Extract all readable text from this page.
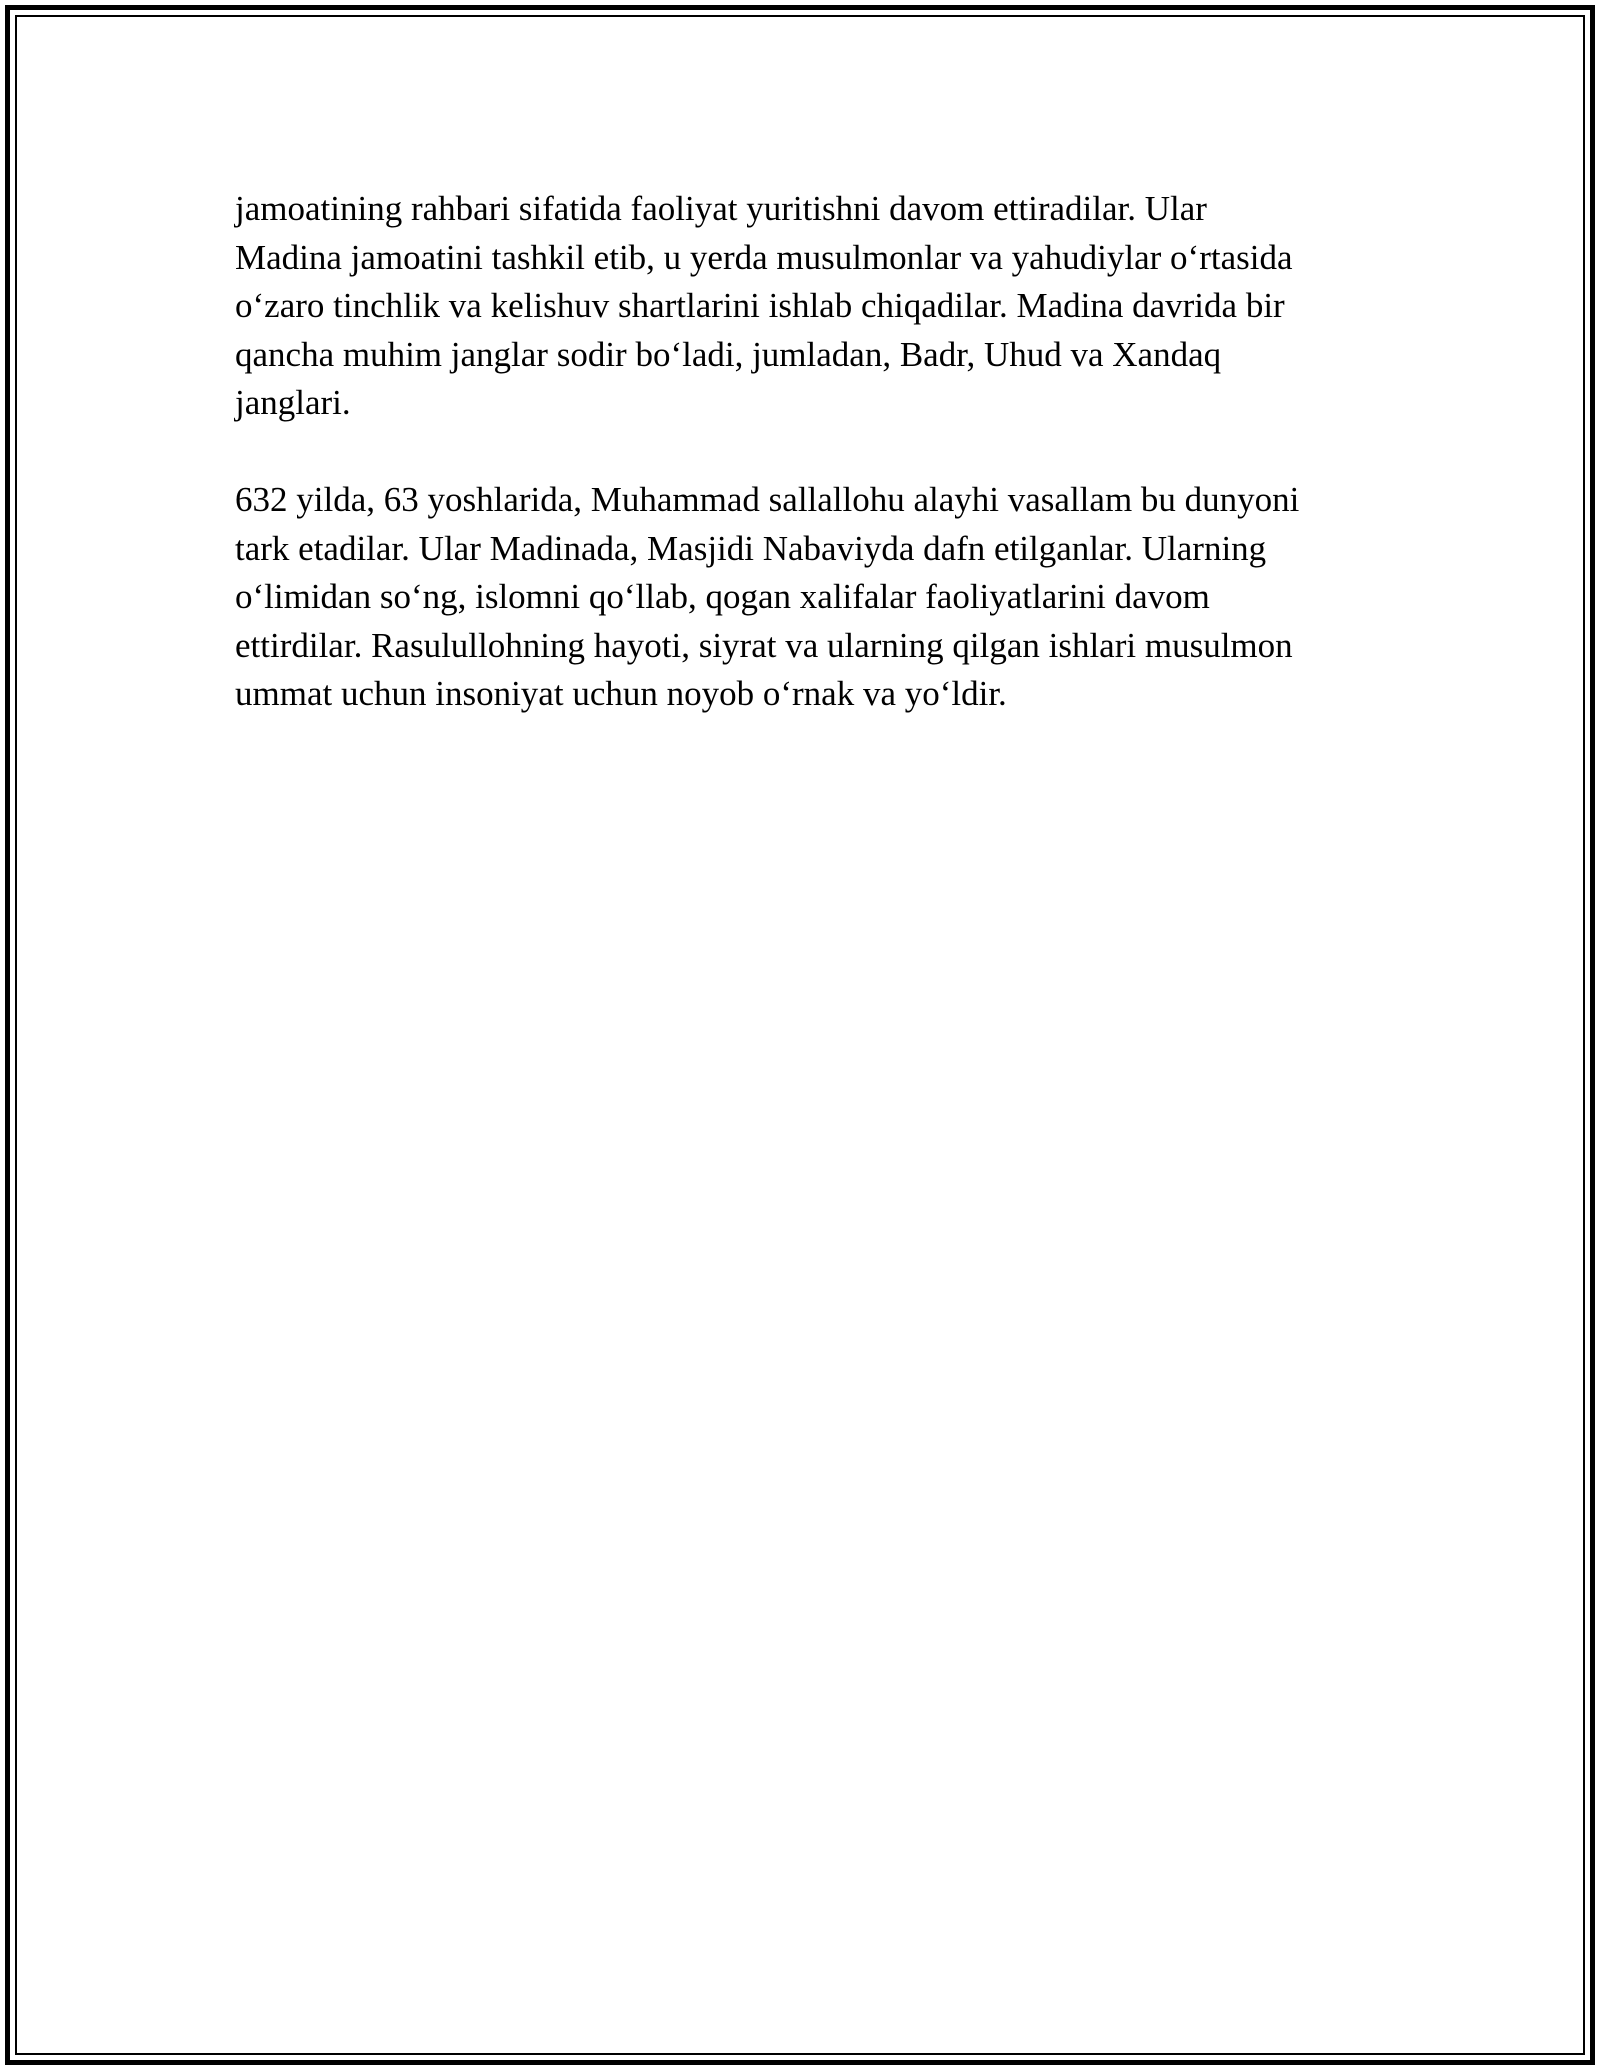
jamoatining rahbari sifatida faoliyat yuritishni davom ettiradilar. Ular
Madina jamoatini tashkil etib, u yerda musulmonlar va yahudiylar o‘rtasida
o‘zaro tinchlik va kelishuv shartlarini ishlab chiqadilar. Madina davrida bir
qancha muhim janglar sodir bo‘ladi, jumladan, Badr, Uhud va Xandaq
janglari.

632 yilda, 63 yoshlarida, Muhammad sallallohu alayhi vasallam bu dunyoni
tark etadilar. Ular Madinada, Masjidi Nabaviyda dafn etilganlar. Ularning
o‘limidan so‘ng, islomni qo‘llab, qogan xalifalar faoliyatlarini davom
ettirdilar. Rasulullohning hayoti, siyrat va ularning qilgan ishlari musulmon
ummat uchun insoniyat uchun noyob o‘rnak va yo‘ldir.
